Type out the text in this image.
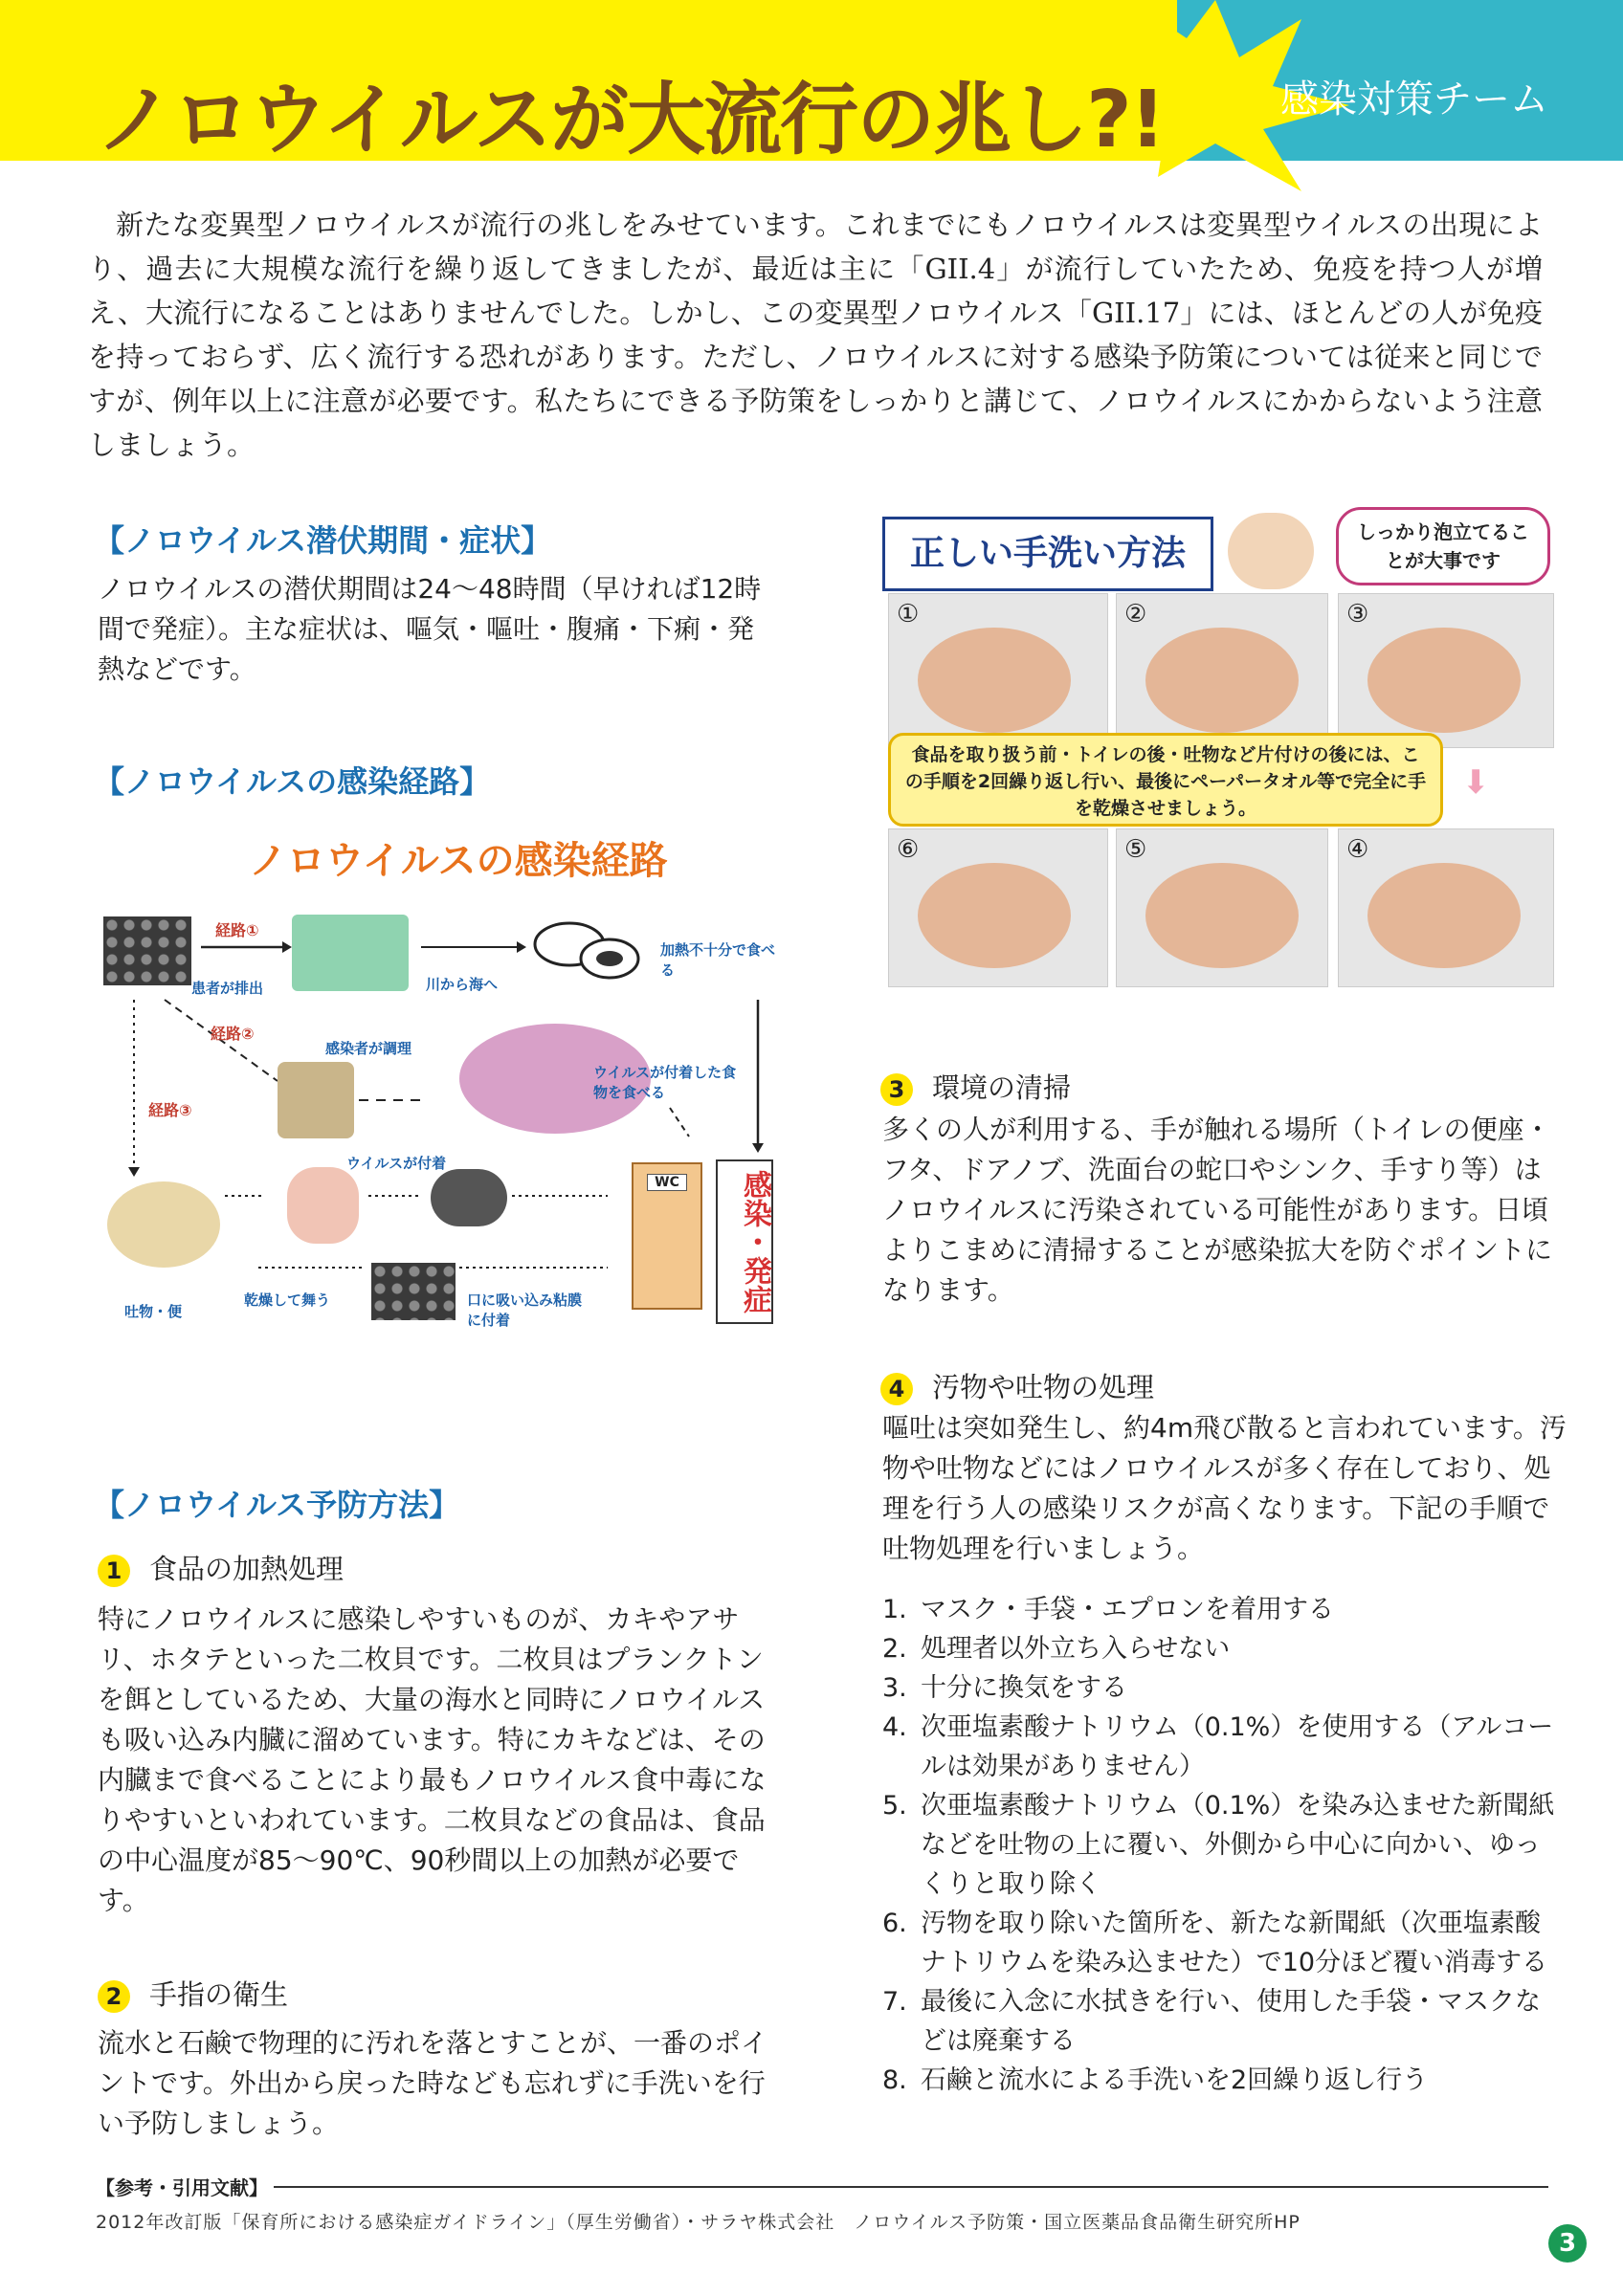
ノロウイルスが大流行の兆し?!	感染対策チーム
新たな変異型ノロウイルスが流行の兆しをみせています。これまでにもノロウイルスは変異型ウイルスの出現により、過去に大規模な流行を繰り返してきましたが、最近は主に「GII.4」が流行していたため、免疫を持つ人が増え、大流行になることはありませんでした。しかし、この変異型ノロウイルス「GII.17」には、ほとんどの人が免疫を持っておらず、広く流行する恐れがあります。ただし、ノロウイルスに対する感染予防策については従来と同じですが、例年以上に注意が必要です。私たちにできる予防策をしっかりと講じて、ノロウイルスにかからないよう注意しましょう。
【ノロウイルス潜伏期間・症状】
ノロウイルスの潜伏期間は24～48時間（早ければ12時間で発症）。主な症状は、嘔気・嘔吐・腹痛・下痢・発熱などです。
【ノロウイルスの感染経路】
ノロウイルスの感染経路
経路①
患者が排出	川から海へ
加熱不十分で食べる
経路②
経路③
感染者が調理
ウイルスが付着した食物を食べる
ウイルスが付着
吐物・便
乾燥して舞う	口に吸い込み粘膜に付着
WC	感染・発症
【ノロウイルス予防方法】
1 食品の加熱処理
特にノロウイルスに感染しやすいものが、カキやアサリ、ホタテといった二枚貝です。二枚貝はプランクトンを餌としているため、大量の海水と同時にノロウイルスも吸い込み内臓に溜めています。特にカキなどは、その内臓まで食べることにより最もノロウイルス食中毒になりやすいといわれています。二枚貝などの食品は、食品の中心温度が85～90℃、90秒間以上の加熱が必要です。
2 手指の衛生
流水と石鹸で物理的に汚れを落とすことが、一番のポイントです。外出から戻った時なども忘れずに手洗いを行い予防しましょう。
正しい手洗い方法
しっかり泡立てることが大事です
①	②	③
⑥	⑤	④
食品を取り扱う前・トイレの後・吐物など片付けの後には、この手順を2回繰り返し行い、最後にペーパータオル等で完全に手を乾燥させましょう。
⬇
3 環境の清掃
多くの人が利用する、手が触れる場所（トイレの便座・フタ、ドアノブ、洗面台の蛇口やシンク、手すり等）はノロウイルスに汚染されている可能性があります。日頃よりこまめに清掃することが感染拡大を防ぐポイントになります。
4 汚物や吐物の処理
嘔吐は突如発生し、約4m飛び散ると言われています。汚物や吐物などにはノロウイルスが多く存在しており、処理を行う人の感染リスクが高くなります。下記の手順で吐物処理を行いましょう。
1. マスク・手袋・エプロンを着用する
2. 処理者以外立ち入らせない
3. 十分に換気をする
4. 次亜塩素酸ナトリウム（0.1%）を使用する（アルコールは効果がありません）
5. 次亜塩素酸ナトリウム（0.1%）を染み込ませた新聞紙などを吐物の上に覆い、外側から中心に向かい、ゆっくりと取り除く
6. 汚物を取り除いた箇所を、新たな新聞紙（次亜塩素酸ナトリウムを染み込ませた）で10分ほど覆い消毒する
7. 最後に入念に水拭きを行い、使用した手袋・マスクなどは廃棄する
8. 石鹸と流水による手洗いを2回繰り返し行う
【参考・引用文献】
2012年改訂版「保育所における感染症ガイドライン」（厚生労働省）・サラヤ株式会社　ノロウイルス予防策・国立医薬品食品衛生研究所HP
3
